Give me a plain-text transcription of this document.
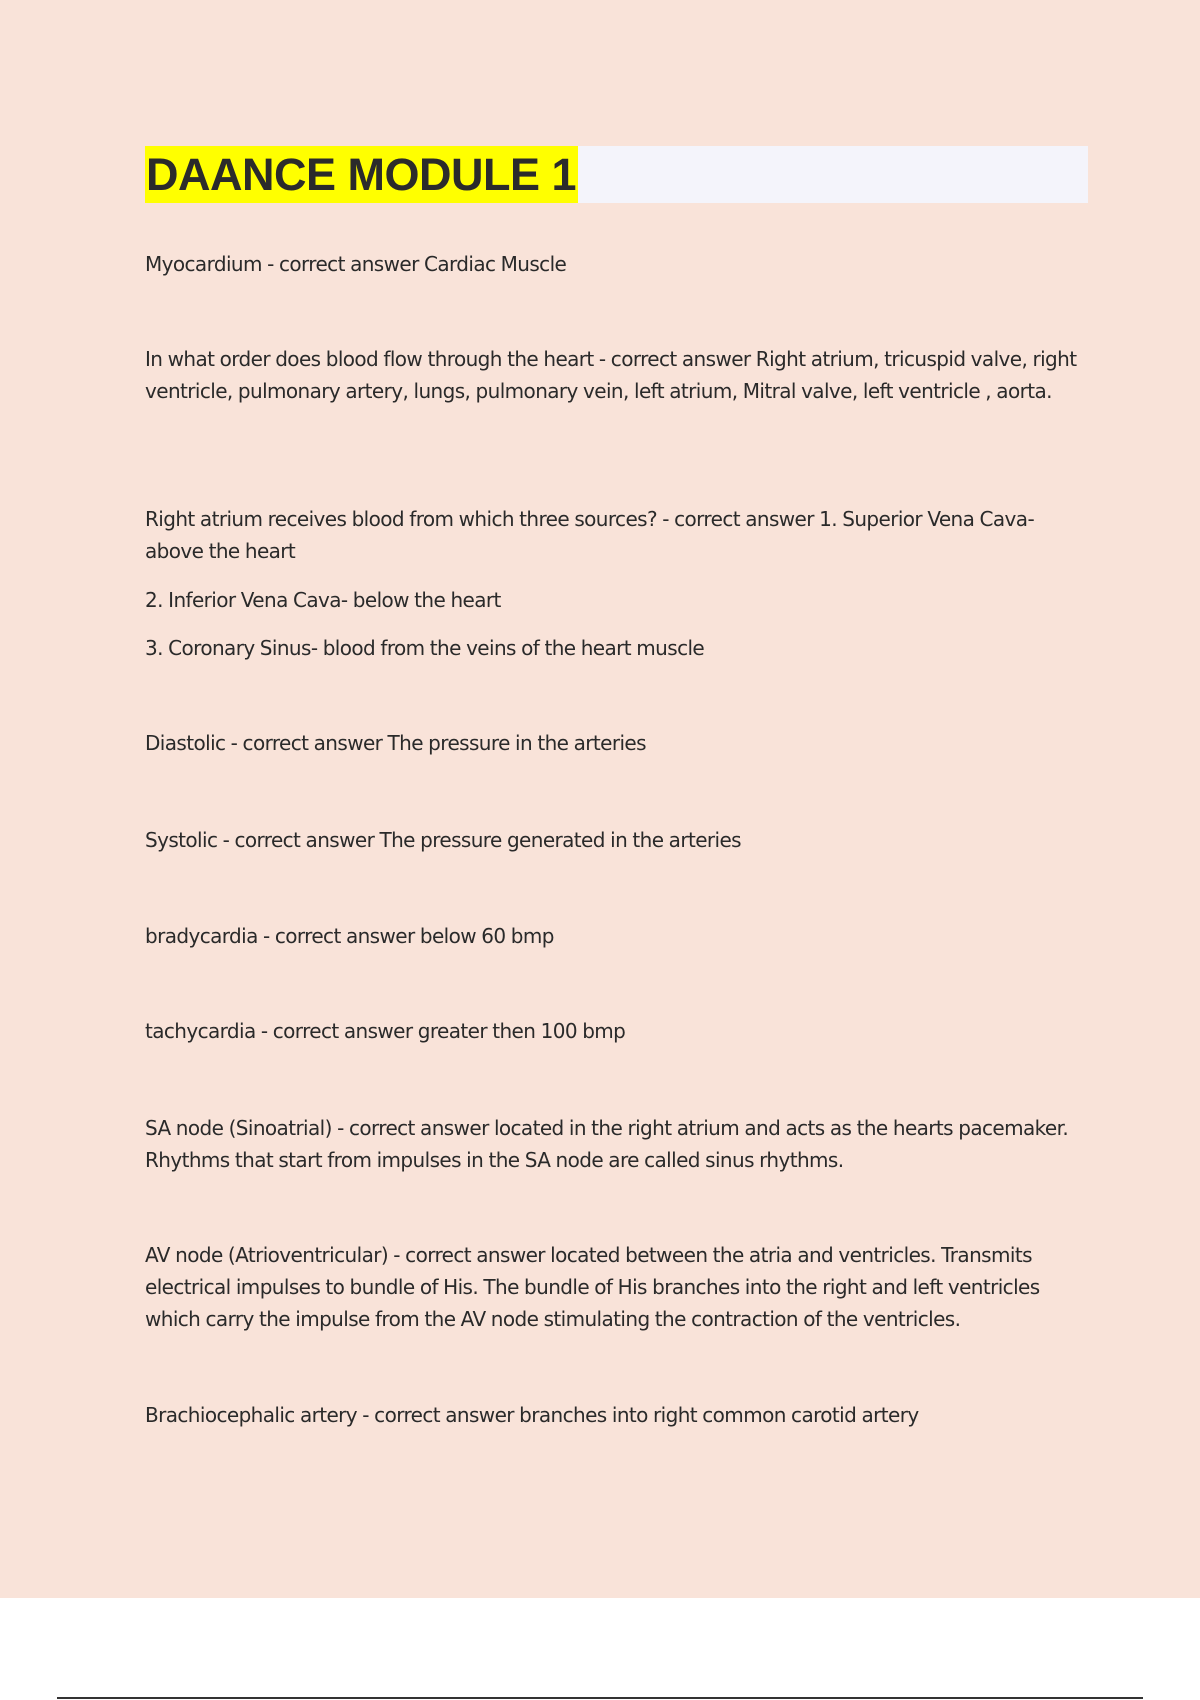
DAANCE MODULE 1

Myocardium - correct answer Cardiac Muscle

In what order does blood flow through the heart - correct answer Right atrium, tricuspid valve, right ventricle, pulmonary artery, lungs, pulmonary vein, left atrium, Mitral valve, left ventricle , aorta.

Right atrium receives blood from which three sources? - correct answer 1. Superior Vena Cava- above the heart

2. Inferior Vena Cava- below the heart

3. Coronary Sinus- blood from the veins of the heart muscle

Diastolic - correct answer The pressure in the arteries

Systolic - correct answer The pressure generated in the arteries

bradycardia - correct answer below 60 bmp

tachycardia - correct answer greater then 100 bmp

SA node (Sinoatrial) - correct answer located in the right atrium and acts as the hearts pacemaker. Rhythms that start from impulses in the SA node are called sinus rhythms.

AV node (Atrioventricular) - correct answer located between the atria and ventricles. Transmits electrical impulses to bundle of His. The bundle of His branches into the right and left ventricles which carry the impulse from the AV node stimulating the contraction of the ventricles.

Brachiocephalic artery - correct answer branches into right common carotid artery
